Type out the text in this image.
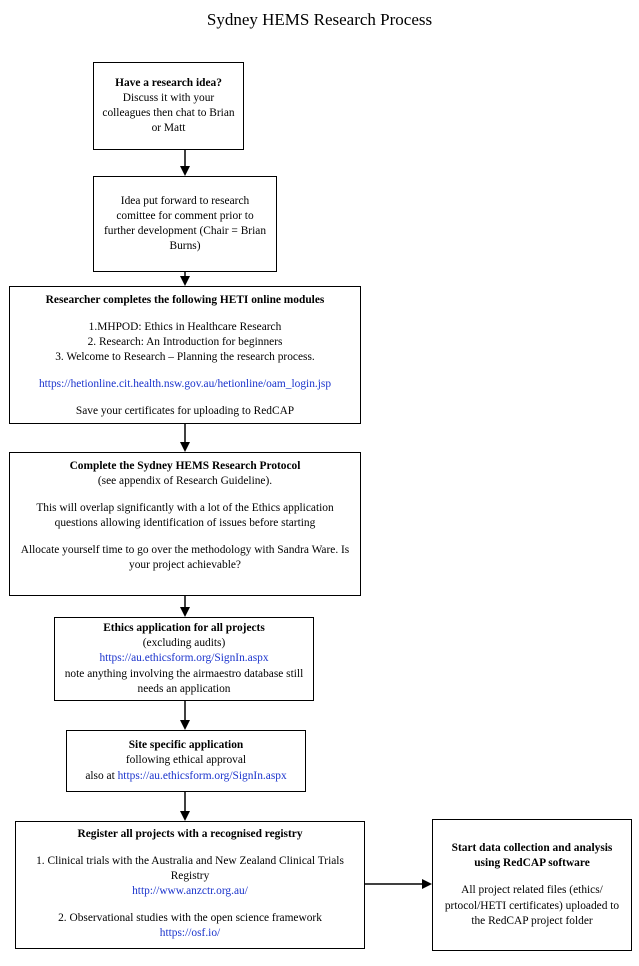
Sydney HEMS Research Process

Have a research idea? Discuss it with your colleagues then chat to Brian or Matt

Idea put forward to research comittee for comment prior to further development (Chair = Brian Burns)

Researcher completes the following HETI online modules

1.MHPOD: Ethics in Healthcare Research

2. Research: An Introduction for beginners

3. Welcome to Research – Planning the research process.

https://hetionline.cit.health.nsw.gov.au/hetionline/oam_login.jsp

Save your certificates for uploading to RedCAP

Complete the Sydney HEMS Research Protocol

(see appendix of Research Guideline).

This will overlap significantly with a lot of the Ethics application questions allowing identification of issues before starting

Allocate yourself time to go over the methodology with Sandra Ware. Is your project achievable?

Ethics application for all projects

(excluding audits)

https://au.ethicsform.org/SignIn.aspx

note anything involving the airmaestro database still needs an application

Site specific application

following ethical approval

also at https://au.ethicsform.org/SignIn.aspx

Register all projects with a recognised registry

1. Clinical trials with the Australia and New Zealand Clinical Trials Registry

http://www.anzctr.org.au/

2. Observational studies with the open science framework

https://osf.io/

Start data collection and analysis using RedCAP software

All project related files (ethics/ prtocol/HETI certificates) uploaded to the RedCAP project folder
